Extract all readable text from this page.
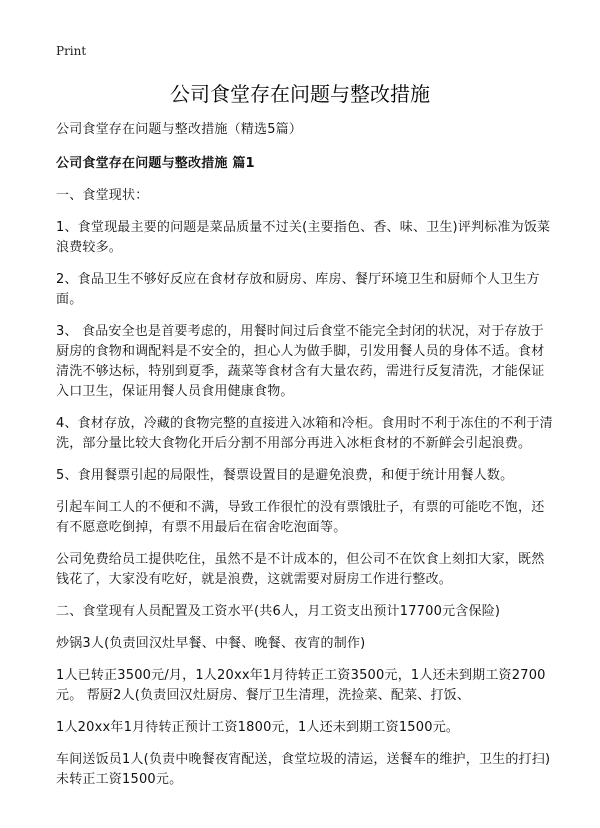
Print
公司食堂存在问题与整改措施

公司食堂存在问题与整改措施（精选5篇）

公司食堂存在问题与整改措施 篇1

一、食堂现状：

1、食堂现最主要的问题是菜品质量不过关(主要指色、香、味、卫生)评判标准为饭菜浪费较多。

2、食品卫生不够好反应在食材存放和厨房、库房、餐厅环境卫生和厨师个人卫生方面。

3、 食品安全也是首要考虑的，用餐时间过后食堂不能完全封闭的状况，对于存放于厨房的食物和调配料是不安全的，担心人为做手脚，引发用餐人员的身体不适。食材 清洗不够达标，特别到夏季，蔬菜等食材含有大量农药，需进行反复清洗，才能保证入口卫生，保证用餐人员食用健康食物。

4、食材存放，冷藏的食物完整的直接进入冰箱和冷柜。食用时不利于冻住的不利于清洗，部分量比较大食物化开后分割不用部分再进入冰柜食材的不新鲜会引起浪费。

5、食用餐票引起的局限性，餐票设置目的是避免浪费，和便于统计用餐人数。

引起车间工人的不便和不满，导致工作很忙的没有票饿肚子，有票的可能吃不饱，还有不愿意吃倒掉，有票不用最后在宿舍吃泡面等。

公司免费给员工提供吃住，虽然不是不计成本的，但公司不在饮食上刻扣大家，既然钱花了，大家没有吃好，就是浪费，这就需要对厨房工作进行整改。

二、食堂现有人员配置及工资水平(共6人，月工资支出预计17700元含保险)

炒锅3人(负责回汉灶早餐、中餐、晚餐、夜宵的制作)

1人已转正3500元/月，1人20xx年1月待转正工资3500元，1人还未到期工资2700元。 帮厨2人(负责回汉灶厨房、餐厅卫生清理，洗捡菜、配菜、打饭、

1人20xx年1月待转正预计工资1800元，1人还未到期工资1500元。

车间送饭员1人(负责中晚餐夜宵配送，食堂垃圾的清运，送餐车的维护，卫生的打扫) 未转正工资1500元。
